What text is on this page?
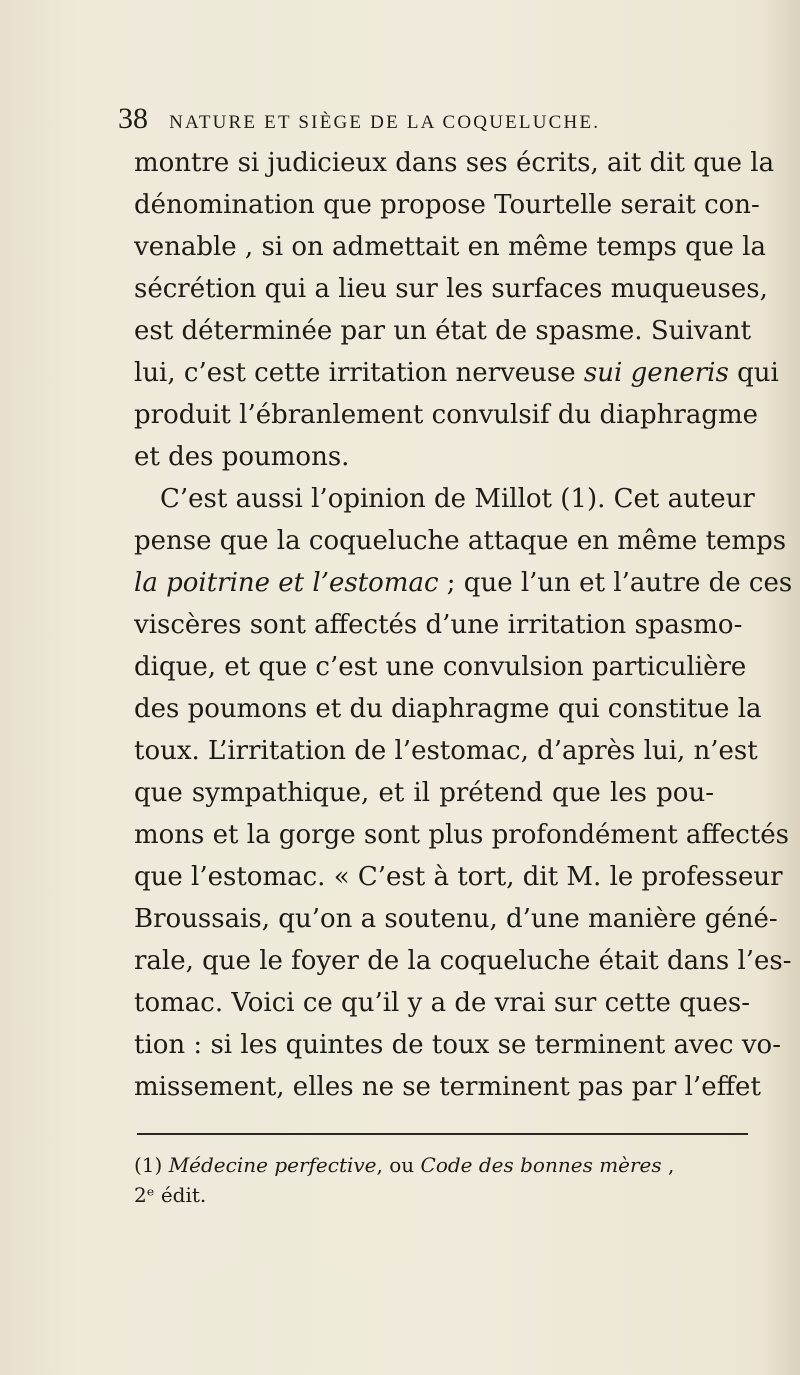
38 NATURE ET SIÈGE DE LA COQUELUCHE.
montre si judicieux dans ses écrits, ait dit que la
dénomination que propose Tourtelle serait con-
venable , si on admettait en même temps que la
sécrétion qui a lieu sur les surfaces muqueuses,
est déterminée par un état de spasme. Suivant
lui, c’est cette irritation nerveuse sui generis qui
produit l’ébranlement convulsif du diaphragme
et des poumons.
C’est aussi l’opinion de Millot (1). Cet auteur
pense que la coqueluche attaque en même temps
la poitrine et l’estomac ; que l’un et l’autre de ces
viscères sont affectés d’une irritation spasmo-
dique, et que c’est une convulsion particulière
des poumons et du diaphragme qui constitue la
toux. L’irritation de l’estomac, d’après lui, n’est
que sympathique, et il prétend que les pou-
mons et la gorge sont plus profondément affectés
que l’estomac. « C’est à tort, dit M. le professeur
Broussais, qu’on a soutenu, d’une manière géné-
rale, que le foyer de la coqueluche était dans l’es-
tomac. Voici ce qu’il y a de vrai sur cette ques-
tion : si les quintes de toux se terminent avec vo-
missement, elles ne se terminent pas par l’effet
(1) Médecine perfective, ou Code des bonnes mères ,
2ᵉ édit.
